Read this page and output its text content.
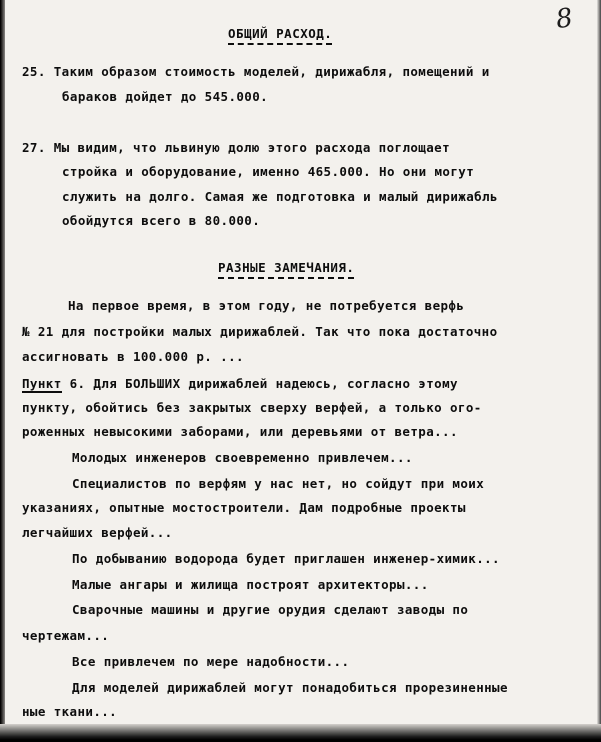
8
ОБЩИЙ РАСХОД.
25. Таким образом стоимость моделей, дирижабля, помещений и
бараков дойдет до 545.000.
27. Мы видим, что львиную долю этого расхода поглощает
стройка и оборудование, именно 465.000. Но они могут
служить на долго. Самая же подготовка и малый дирижабль
обойдутся всего в 80.000.
РАЗНЫЕ ЗАМЕЧАНИЯ.
На первое время, в этом году, не потребуется верфь
№ 21 для постройки малых дирижаблей. Так что пока достаточно
ассигновать в 100.000 р. ...
Пункт 6. Для БОЛЬШИХ дирижаблей надеюсь, согласно этому
пункту, обойтись без закрытых сверху верфей, а только ого-
роженных невысокими заборами, или деревьями от ветра...
Молодых инженеров своевременно привлечем...
Специалистов по верфям у нас нет, но сойдут при моих
указаниях, опытные мостостроители. Дам подробные проекты
легчайших верфей...
По добыванию водорода будет приглашен инженер-химик...
Малые ангары и жилища построят архитекторы...
Сварочные машины и другие орудия сделают заводы по
чертежам...
Все привлечем по мере надобности...
Для моделей дирижаблей могут понадобиться прорезиненные
ные ткани...
